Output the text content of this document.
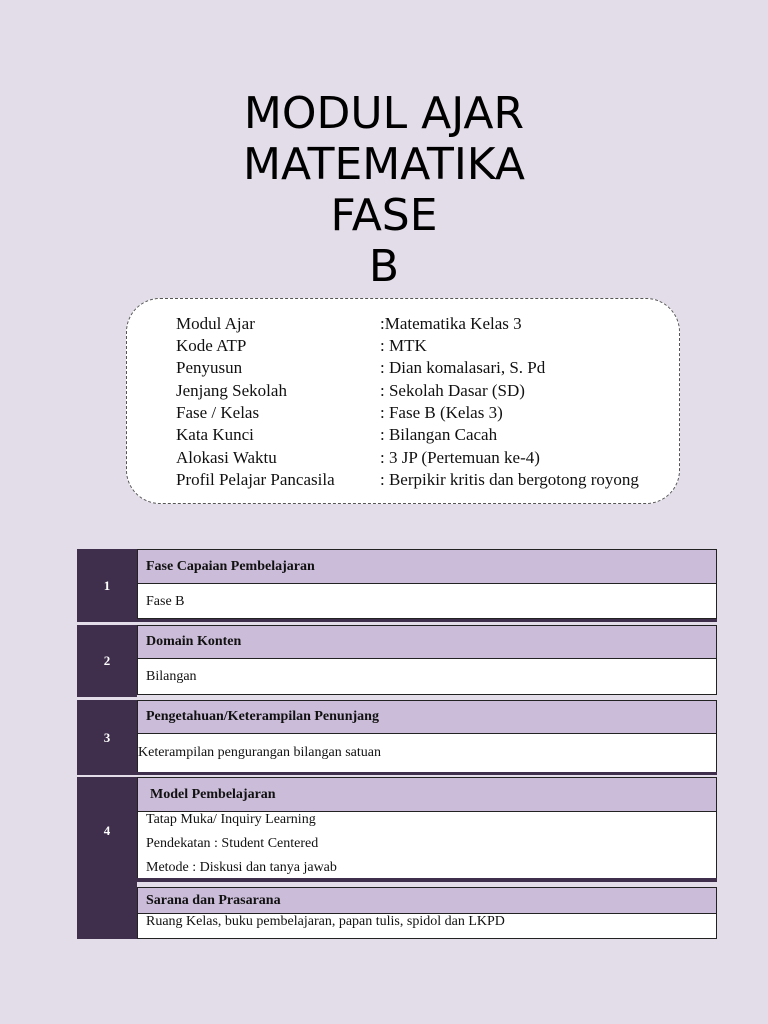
MODUL AJAR
MATEMATIKA
FASE
B
Modul Ajar	:Matematika Kelas 3
Kode ATP	: MTK
Penyusun	: Dian komalasari, S. Pd
Jenjang Sekolah	: Sekolah Dasar (SD)
Fase / Kelas	: Fase B (Kelas 3)
Kata Kunci	: Bilangan Cacah
Alokasi Waktu	: 3 JP (Pertemuan ke-4)
Profil Pelajar Pancasila	: Berpikir kritis dan bergotong royong
1
Fase Capaian Pembelajaran
Fase B
2
Domain Konten
Bilangan
3
Pengetahuan/Keterampilan Penunjang
Keterampilan pengurangan bilangan satuan
4
Model Pembelajaran
Tatap Muka/ Inquiry Learning
Pendekatan : Student Centered
Metode : Diskusi dan tanya jawab
Sarana dan Prasarana
Ruang Kelas, buku pembelajaran, papan tulis, spidol dan LKPD
